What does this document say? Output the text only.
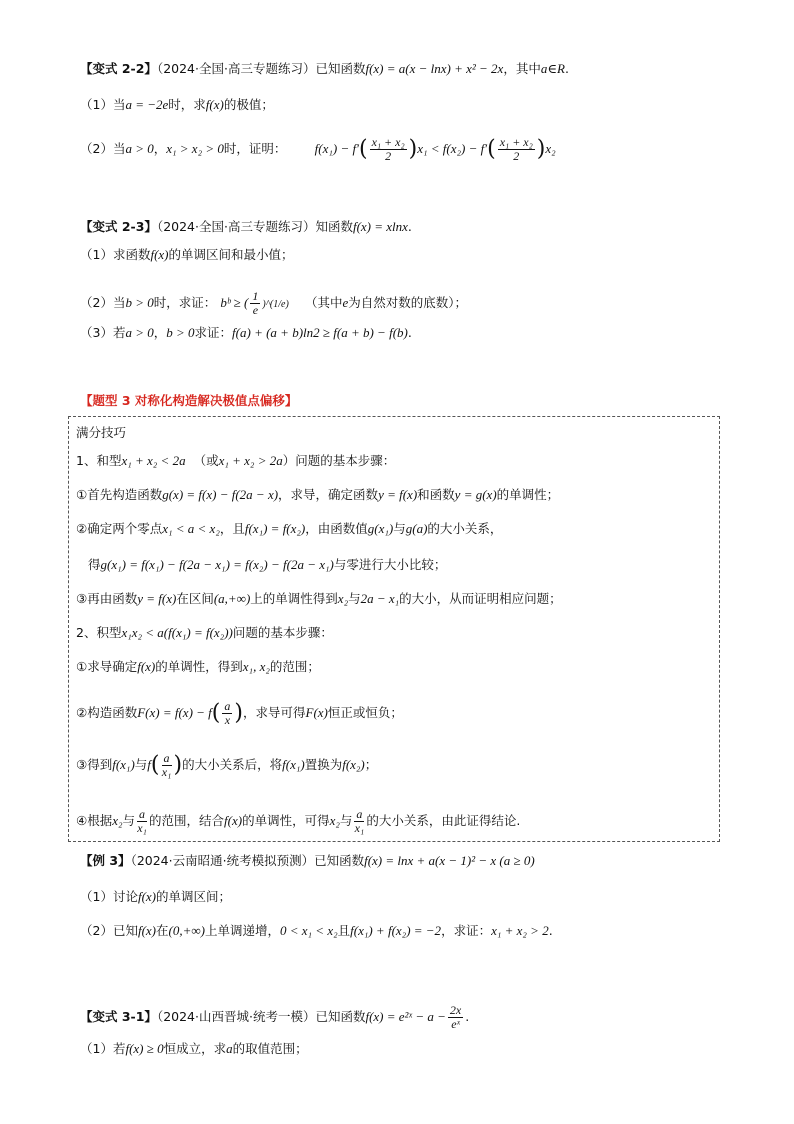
【变式 2-2】（2024·全国·高三专题练习）已知函数f(x) = a(x − lnx) + x² − 2x，其中a∈R.
（1）当a = −2e时，求f(x)的极值；
（2）当a > 0，x₁ > x₂ > 0时，证明： $f(x_1) - f'( \frac{\text{x₁ + x₂}}{2} )x_1 < f(x_2) - f'( \frac{\text{x₁ + x₂}}{2} )x_2$
【变式 2-3】（2024·全国·高三专题练习）知函数f(x) = xlnx.
（1）求函数f(x)的单调区间和最小值；
（2）当b > 0时，求证： bᵇ ≥ ( $\frac{1}{e}$ )^(1/e) （其中e为自然对数的底数）；
（3）若a > 0，b > 0求证：f(a) + (a + b)ln2 ≥ f(a + b) − f(b).
【题型 3 对称化构造解决极值点偏移】
满分技巧
1、和型x₁ + x₂ < 2a （或x₁ + x₂ > 2a）问题的基本步骤：
①首先构造函数g(x) = f(x) − f(2a − x)，求导，确定函数y = f(x)和函数y = g(x)的单调性；
②确定两个零点x₁ < a < x₂，且f(x₁) = f(x₂)，由函数值g(x₁)与g(a)的大小关系，
得g(x₁) = f(x₁) − f(2a − x₁) = f(x₂) − f(2a − x₁)与零进行大小比较；
③再由函数y = f(x)在区间(a,+∞)上的单调性得到x₂与2a − x₁的大小，从而证明相应问题；
2、积型x₁x₂ < a(f(x₁) = f(x₂))问题的基本步骤：
①求导确定f(x)的单调性，得到x₁, x₂的范围；
②构造函数$F(x) = f(x) - f( \frac{a}{x}$ )，求导可得F(x)恒正或恒负；
③得到f(x₁)与$f( \frac{a}{\text{x₁}}$ )的大小关系后，将f(x₁)置换为f(x₂)；
④根据x₂与 $\frac{a}{\text{x₁}}$ 的范围，结合f(x)的单调性，可得x₂与 $\frac{a}{\text{x₁}}$ 的大小关系，由此证得结论.
【例 3】（2024·云南昭通·统考模拟预测）已知函数f(x) = lnx + a(x − 1)² − x (a ≥ 0)
（1）讨论f(x)的单调区间；
（2）已知f(x)在(0,+∞)上单调递增，0 < x₁ < x₂且f(x₁) + f(x₂) = −2，求证：x₁ + x₂ > 2.
【变式 3-1】（2024·山西晋城·统考一模）已知函数f(x) = e²ˣ − $a - \frac{2x}{\text{eˣ}}$ .
（1）若f(x) ≥ 0恒成立，求a的取值范围；
